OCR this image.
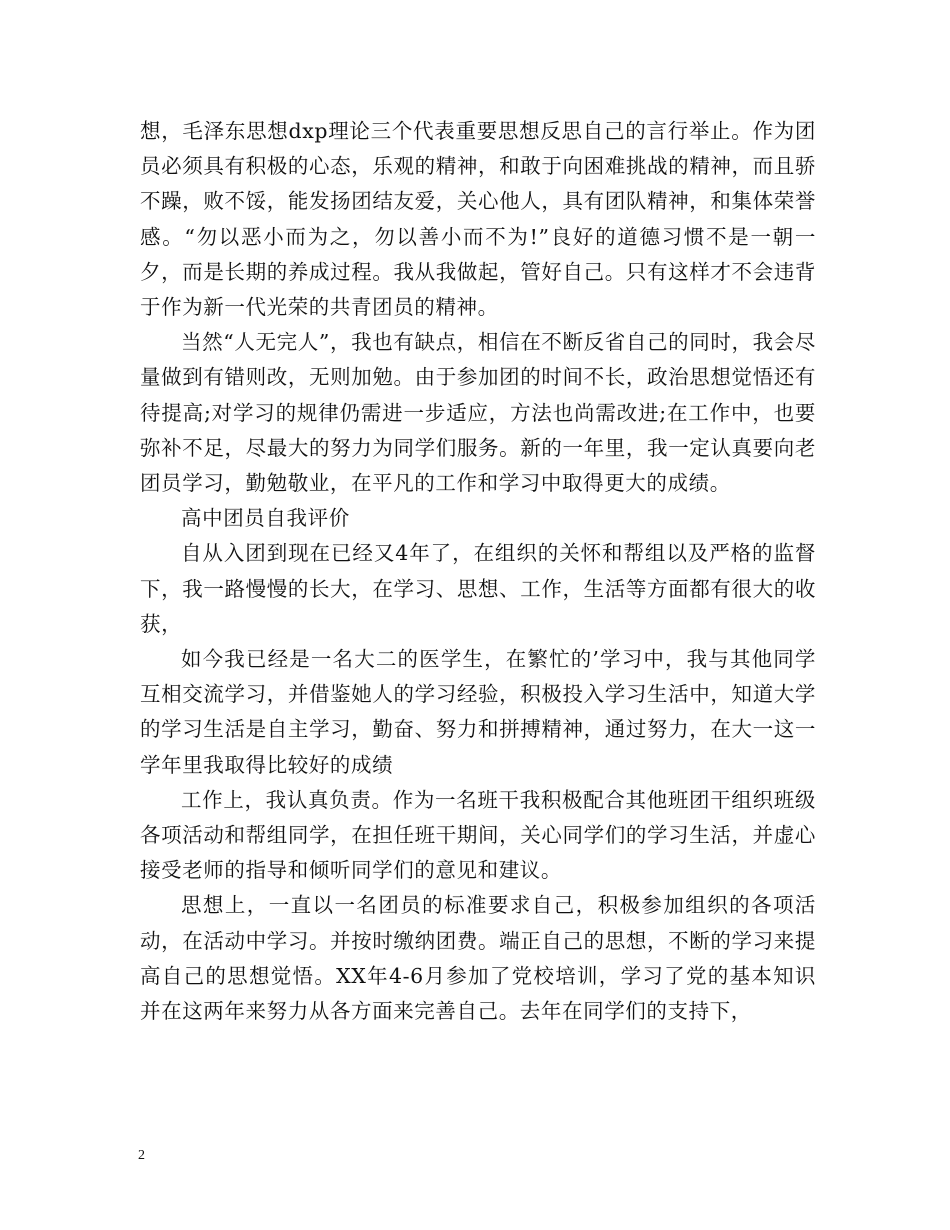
想，毛泽东思想dxp理论三个代表重要思想反思自己的言行举止。作为团员必须具有积极的心态，乐观的精神，和敢于向困难挑战的精神，而且骄不躁，败不馁，能发扬团结友爱，关心他人，具有团队精神，和集体荣誉感。“勿以恶小而为之，勿以善小而不为!”良好的道德习惯不是一朝一夕，而是长期的养成过程。我从我做起，管好自己。只有这样才不会违背于作为新一代光荣的共青团员的精神。

当然“人无完人”，我也有缺点，相信在不断反省自己的同时，我会尽量做到有错则改，无则加勉。由于参加团的时间不长，政治思想觉悟还有待提高;对学习的规律仍需进一步适应，方法也尚需改进;在工作中，也要弥补不足，尽最大的努力为同学们服务。新的一年里，我一定认真要向老团员学习，勤勉敬业，在平凡的工作和学习中取得更大的成绩。

高中团员自我评价

自从入团到现在已经又4年了，在组织的关怀和帮组以及严格的监督下，我一路慢慢的长大，在学习、思想、工作，生活等方面都有很大的收获，

如今我已经是一名大二的医学生，在繁忙的’学习中，我与其他同学互相交流学习，并借鉴她人的学习经验，积极投入学习生活中，知道大学的学习生活是自主学习，勤奋、努力和拼搏精神，通过努力，在大一这一学年里我取得比较好的成绩

工作上，我认真负责。作为一名班干我积极配合其他班团干组织班级各项活动和帮组同学，在担任班干期间，关心同学们的学习生活，并虚心接受老师的指导和倾听同学们的意见和建议。

思想上，一直以一名团员的标准要求自己，积极参加组织的各项活动，在活动中学习。并按时缴纳团费。端正自己的思想，不断的学习来提高自己的思想觉悟。XX年4-6月参加了党校培训，学习了党的基本知识并在这两年来努力从各方面来完善自己。去年在同学们的支持下，

2
